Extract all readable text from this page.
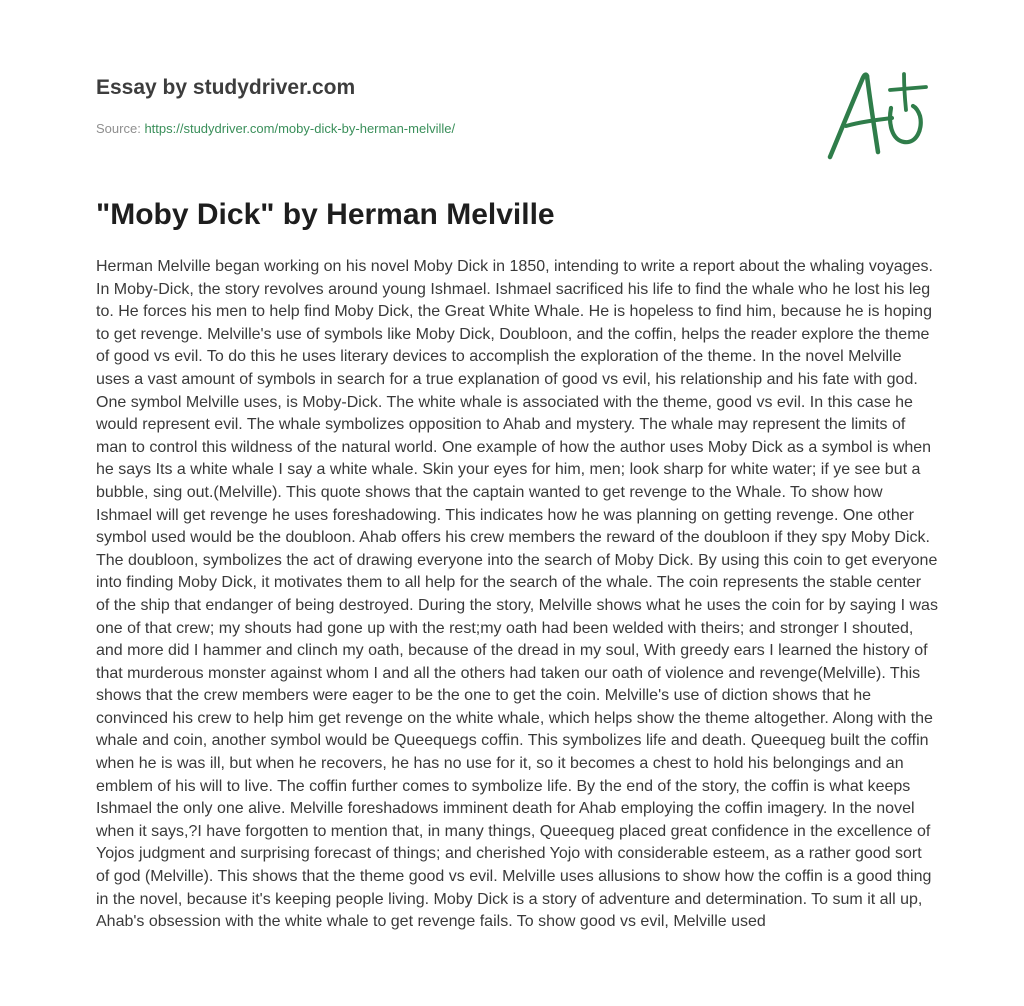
Essay by studydriver.com
Source: https://studydriver.com/moby-dick-by-herman-melville/
"Moby Dick" by Herman Melville

Herman Melville began working on his novel Moby Dick in 1850, intending to write a report about the whaling voyages. In Moby-Dick, the story revolves around young Ishmael. Ishmael sacrificed his life to find the whale who he lost his leg to. He forces his men to help find Moby Dick, the Great White Whale. He is hopeless to find him, because he is hoping to get revenge. Melville's use of symbols like Moby Dick, Doubloon, and the coffin, helps the reader explore the theme of good vs evil. To do this he uses literary devices to accomplish the exploration of the theme. In the novel Melville uses a vast amount of symbols in search for a true explanation of good vs evil, his relationship and his fate with god. One symbol Melville uses, is Moby-Dick. The white whale is associated with the theme, good vs evil. In this case he would represent evil. The whale symbolizes opposition to Ahab and mystery. The whale may represent the limits of man to control this wildness of the natural world. One example of how the author uses Moby Dick as a symbol is when he says Its a white whale I say a white whale. Skin your eyes for him, men; look sharp for white water; if ye see but a bubble, sing out.(Melville). This quote shows that the captain wanted to get revenge to the Whale. To show how Ishmael will get revenge he uses foreshadowing. This indicates how he was planning on getting revenge. One other symbol used would be the doubloon. Ahab offers his crew members the reward of the doubloon if they spy Moby Dick. The doubloon, symbolizes the act of drawing everyone into the search of Moby Dick. By using this coin to get everyone into finding Moby Dick, it motivates them to all help for the search of the whale. The coin represents the stable center of the ship that endanger of being destroyed. During the story, Melville shows what he uses the coin for by saying I was one of that crew; my shouts had gone up with the rest;my oath had been welded with theirs; and stronger I shouted, and more did I hammer and clinch my oath, because of the dread in my soul, With greedy ears I learned the history of that murderous monster against whom I and all the others had taken our oath of violence and revenge(Melville). This shows that the crew members were eager to be the one to get the coin. Melville's use of diction shows that he convinced his crew to help him get revenge on the white whale, which helps show the theme altogether. Along with the whale and coin, another symbol would be Queequegs coffin. This symbolizes life and death. Queequeg built the coffin when he is was ill, but when he recovers, he has no use for it, so it becomes a chest to hold his belongings and an emblem of his will to live. The coffin further comes to symbolize life. By the end of the story, the coffin is what keeps Ishmael the only one alive. Melville foreshadows imminent death for Ahab employing the coffin imagery. In the novel when it says,?I have forgotten to mention that, in many things, Queequeg placed great confidence in the excellence of Yojos judgment and surprising forecast of things; and cherished Yojo with considerable esteem, as a rather good sort of god (Melville). This shows that the theme good vs evil. Melville uses allusions to show how the coffin is a good thing in the novel, because it's keeping people living. Moby Dick is a story of adventure and determination. To sum it all up, Ahab's obsession with the white whale to get revenge fails. To show good vs evil, Melville used
